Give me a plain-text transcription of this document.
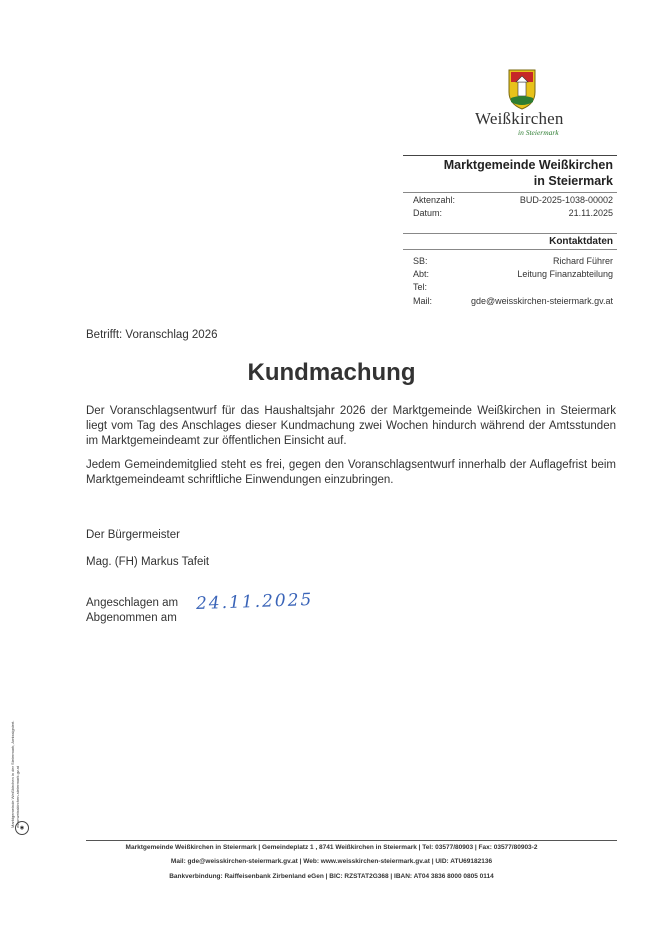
Weißkirchen
in Steiermark
Marktgemeinde Weißkirchen
in Steiermark
Aktenzahl:	BUD-2025-1038-00002
Datum:	21.11.2025
Kontaktdaten
SB:	Richard Führer
Abt:	Leitung Finanzabteilung
Tel:
Mail:	gde@weisskirchen-steiermark.gv.at
Betrifft: Voranschlag 2026
Kundmachung
Der Voranschlagsentwurf für das Haushaltsjahr 2026 der Marktgemeinde Weißkirchen in Steiermark liegt vom Tag des Anschlages dieser Kundmachung zwei Wochen hindurch während der Amtsstunden im Marktgemeindeamt zur öffentlichen Einsicht auf.
Jedem Gemeindemitglied steht es frei, gegen den Voranschlagsentwurf innerhalb der Auflagefrist beim Marktgemeindeamt schriftliche Einwendungen einzubringen.
Der Bürgermeister
Mag. (FH) Markus Tafeit
Angeschlagen am 24.11.2025
Abgenommen am
Marktgemeinde Weißkirchen in der Steiermark, Amtssigniert. www.weisskirchen-steiermark.gv.at ◉
Marktgemeinde Weißkirchen in Steiermark | Gemeindeplatz 1 , 8741 Weißkirchen in Steiermark | Tel: 03577/80903 | Fax: 03577/80903-2
Mail: gde@weisskirchen-steiermark.gv.at | Web: www.weisskirchen-steiermark.gv.at | UID: ATU69182136
Bankverbindung: Raiffeisenbank Zirbenland eGen | BIC: RZSTAT2G368 | IBAN: AT04 3836 8000 0805 0114
